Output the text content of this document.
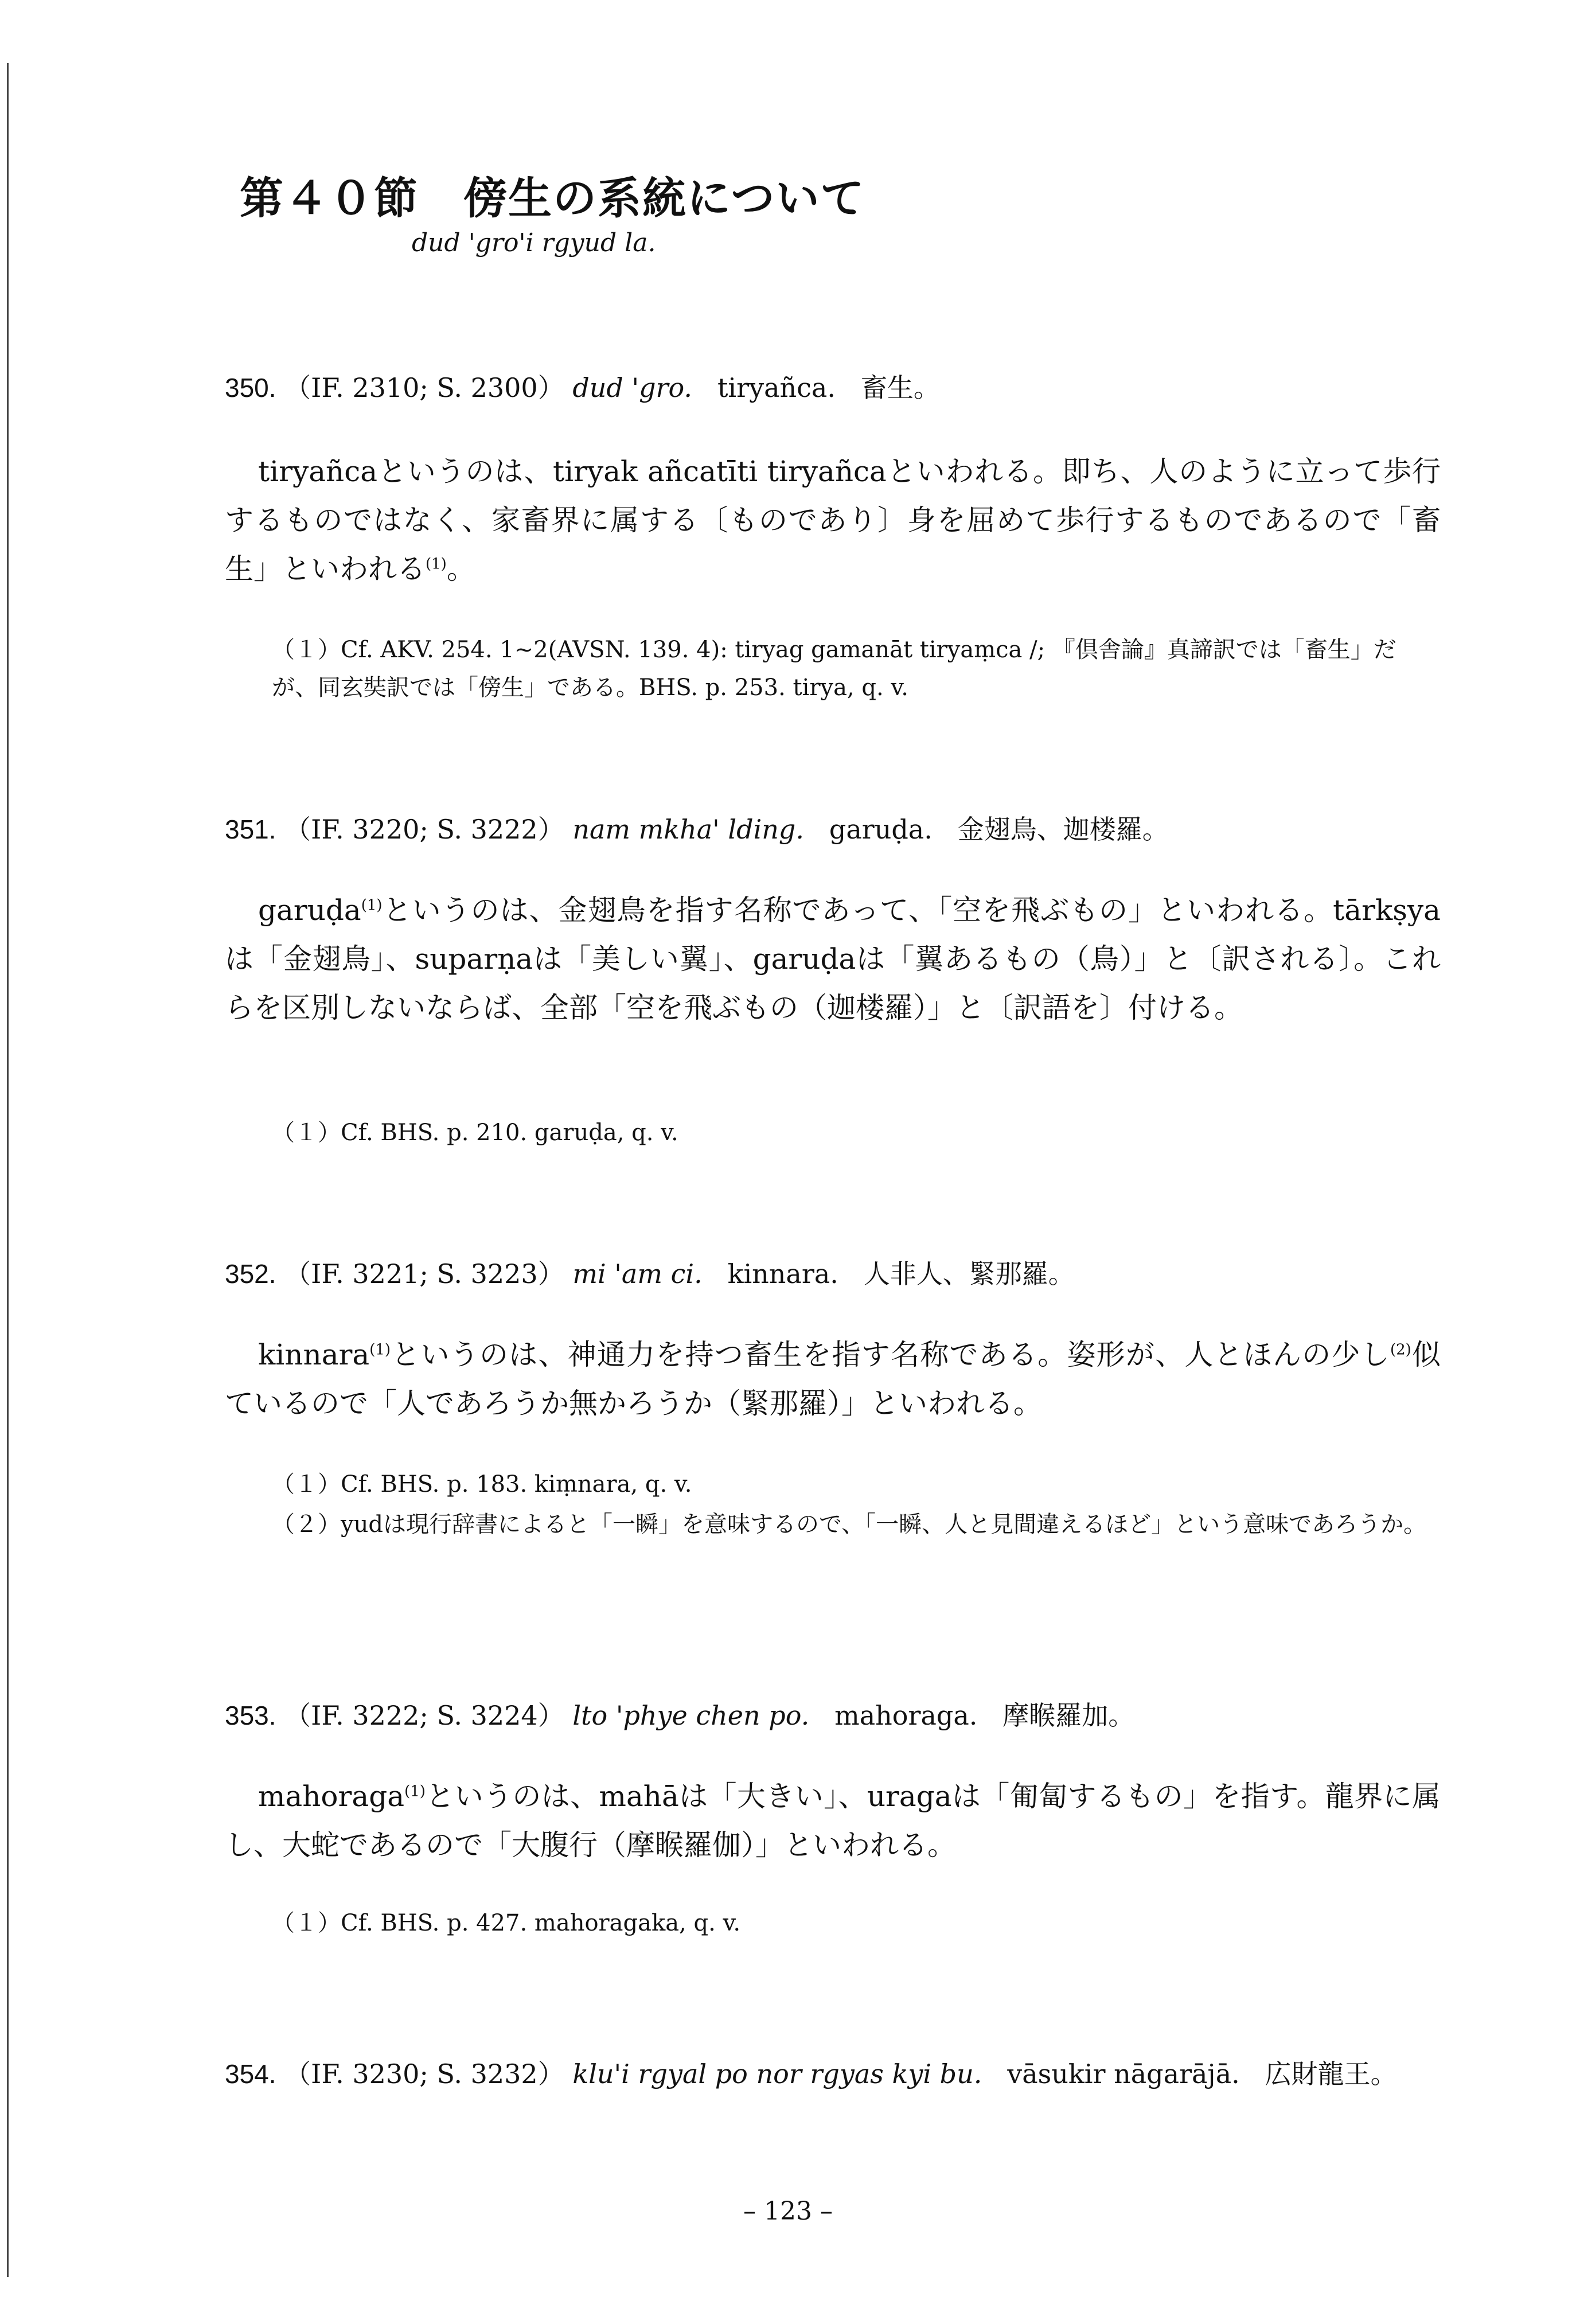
第４０節　傍生の系統について
dud 'gro'i rgyud la.
350. （IF. 2310; S. 2300） dud 'gro. tiryañca. 畜生。
tiryañcaというのは、tiryak añcatīti tiryañcaといわれる。即ち、人のように立って歩行するものではなく、家畜界に属する〔ものであり〕身を屈めて歩行するものであるので「畜生」といわれる$^{(1)}$。
（１）Cf. AKV. 254. 1~2(AVSN. 139. 4): tiryag gamanāt tiryaṃca /; 『倶舎論』真諦訳では「畜生」だが、同玄奘訳では「傍生」である。BHS. p. 253. tirya, q. v.
351. （IF. 3220; S. 3222） nam mkha' lding. garuḍa. 金翅鳥、迦楼羅。
garuḍa$^{(1)}$というのは、金翅鳥を指す名称であって、「空を飛ぶもの」といわれる。tārkṣyaは「金翅鳥」、suparṇaは「美しい翼」、garuḍaは「翼あるもの（鳥）」と〔訳される〕。これらを区別しないならば、全部「空を飛ぶもの（迦楼羅）」と〔訳語を〕付ける。
（１）Cf. BHS. p. 210. garuḍa, q. v.
352. （IF. 3221; S. 3223） mi 'am ci. kinnara. 人非人、緊那羅。
kinnara$^{(1)}$というのは、神通力を持つ畜生を指す名称である。姿形が、人とほんの少し$^{(2)}$似ているので「人であろうか無かろうか（緊那羅）」といわれる。
（１）Cf. BHS. p. 183. kiṃnara, q. v.
（２）yudは現行辞書によると「一瞬」を意味するので、「一瞬、人と見間違えるほど」という意味であろうか。
353. （IF. 3222; S. 3224） lto 'phye chen po. mahoraga. 摩睺羅加。
mahoraga$^{(1)}$というのは、mahāは「大きい」、uragaは「匍匐するもの」を指す。龍界に属し、大蛇であるので「大腹行（摩睺羅伽）」といわれる。
（１）Cf. BHS. p. 427. mahoragaka, q. v.
354. （IF. 3230; S. 3232） klu'i rgyal po nor rgyas kyi bu. vāsukir nāgarājā. 広財龍王。
– 123 –
